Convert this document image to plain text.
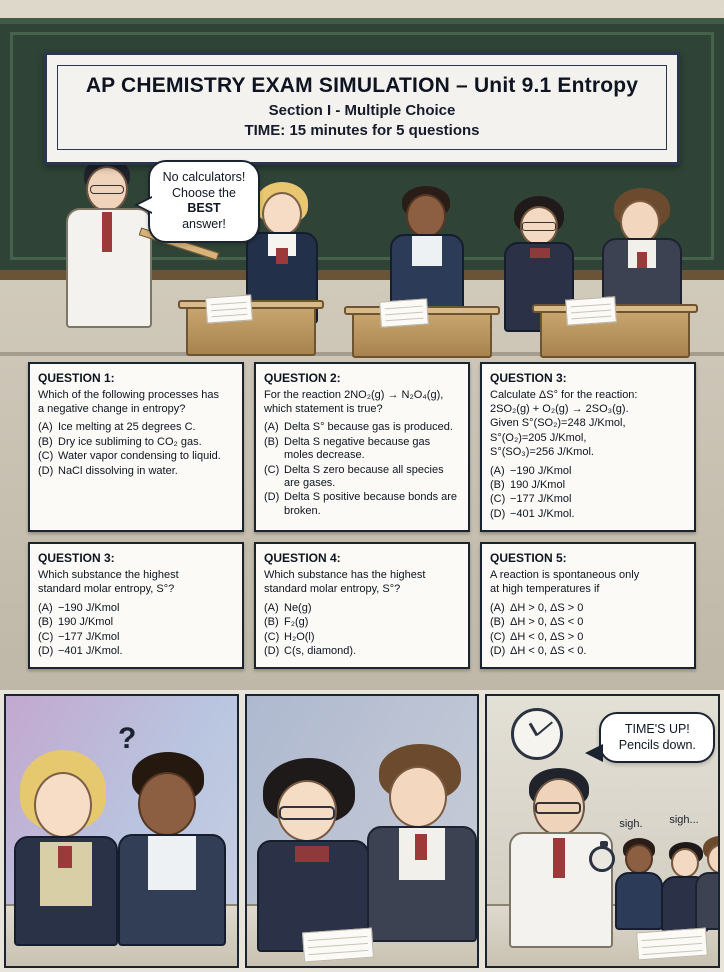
AP CHEMISTRY EXAM SIMULATION – Unit 9.1 Entropy
Section I - Multiple Choice
TIME: 15 minutes for 5 questions
No calculators!
Choose the BEST
answer!
QUESTION 1:
Which of the following processes has
a negative change in entropy?
(A) Ice melting at 25 degrees C.
(B) Dry ice subliming to CO₂ gas.
(C) Water vapor condensing to liquid.
(D) NaCl dissolving in water.
QUESTION 2:
For the reaction 2NO₂(g) → N₂O₄(g),
which statement is true?
(A) Delta S° because gas is produced.
(B) Delta S negative because gas moles decrease.
(C) Delta S zero because all species are gases.
(D) Delta S positive because bonds are broken.
QUESTION 3:
Calculate ΔS° for the reaction:
2SO₂(g) + O₂(g) → 2SO₃(g).
Given S°(SO₂)=248 J/Kmol,
S°(O₂)=205 J/Kmol,
S°(SO₃)=256 J/Kmol.
(A) −190 J/Kmol
(B) 190 J/Kmol
(C) −177 J/Kmol
(D) −401 J/Kmol.
QUESTION 3:
Which substance the highest
standard molar entropy, S°?
(A) −190 J/Kmol
(B) 190 J/Kmol
(C) −177 J/Kmol
(D) −401 J/Kmol.
QUESTION 4:
Which substance has the highest
standard molar entropy, S°?
(A) Ne(g)
(B) F₂(g)
(C) H₂O(l)
(D) C(s, diamond).
QUESTION 5:
A reaction is spontaneous only
at high temperatures if
(A) ΔH > 0, ΔS > 0
(B) ΔH > 0, ΔS < 0
(C) ΔH < 0, ΔS > 0
(D) ΔH < 0, ΔS < 0.
?	TIME'S UP!
Pencils down.
sigh. sigh...
